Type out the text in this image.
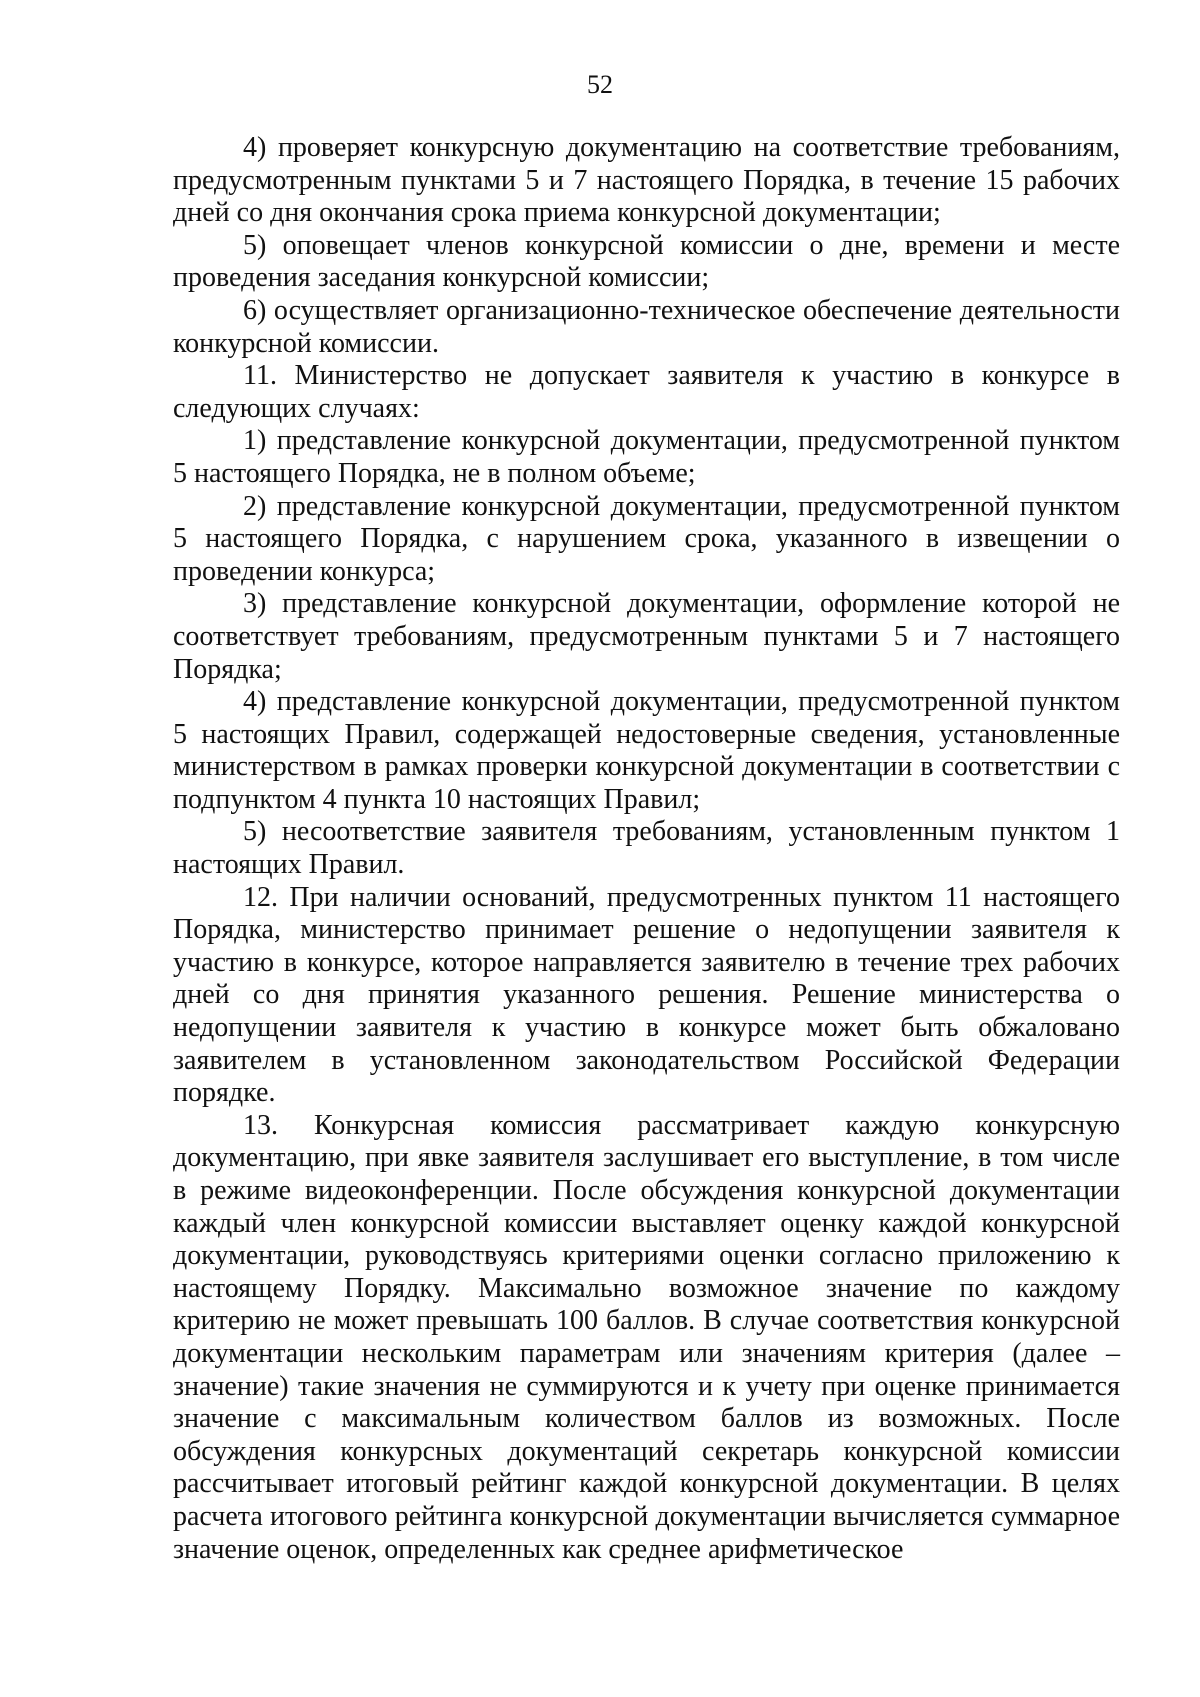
52

4) проверяет конкурсную документацию на соответствие требованиям, предусмотренным пунктами 5 и 7 настоящего Порядка, в течение 15 рабочих дней со дня окончания срока приема конкурсной документации;

5) оповещает членов конкурсной комиссии о дне, времени и месте проведения заседания конкурсной комиссии;

6) осуществляет организационно-техническое обеспечение деятельности конкурсной комиссии.

11. Министерство не допускает заявителя к участию в конкурсе в следующих случаях:

1) представление конкурсной документации, предусмотренной пунктом 5 настоящего Порядка, не в полном объеме;

2) представление конкурсной документации, предусмотренной пунктом 5 настоящего Порядка, с нарушением срока, указанного в извещении о проведении конкурса;

3) представление конкурсной документации, оформление которой не соответствует требованиям, предусмотренным пунктами 5 и 7 настоящего Порядка;

4) представление конкурсной документации, предусмотренной пунктом 5 настоящих Правил, содержащей недостоверные сведения, установленные министерством в рамках проверки конкурсной документации в соответствии с подпунктом 4 пункта 10 настоящих Правил;

5) несоответствие заявителя требованиям, установленным пунктом 1 настоящих Правил.

12. При наличии оснований, предусмотренных пунктом 11 настоящего Порядка, министерство принимает решение о недопущении заявителя к участию в конкурсе, которое направляется заявителю в течение трех рабочих дней со дня принятия указанного решения. Решение министерства о недопущении заявителя к участию в конкурсе может быть обжаловано заявителем в установленном законодательством Российской Федерации порядке.

13. Конкурсная комиссия рассматривает каждую конкурсную документацию, при явке заявителя заслушивает его выступление, в том числе в режиме видеоконференции. После обсуждения конкурсной документации каждый член конкурсной комиссии выставляет оценку каждой конкурсной документации, руководствуясь критериями оценки согласно приложению к настоящему Порядку. Максимально возможное значение по каждому критерию не может превышать 100 баллов. В случае соответствия конкурсной документации нескольким параметрам или значениям критерия (далее – значение) такие значения не суммируются и к учету при оценке принимается значение с максимальным количеством баллов из возможных. После обсуждения конкурсных документаций секретарь конкурсной комиссии рассчитывает итоговый рейтинг каждой конкурсной документации. В целях расчета итогового рейтинга конкурсной документации вычисляется суммарное значение оценок, определенных как среднее арифметическое
